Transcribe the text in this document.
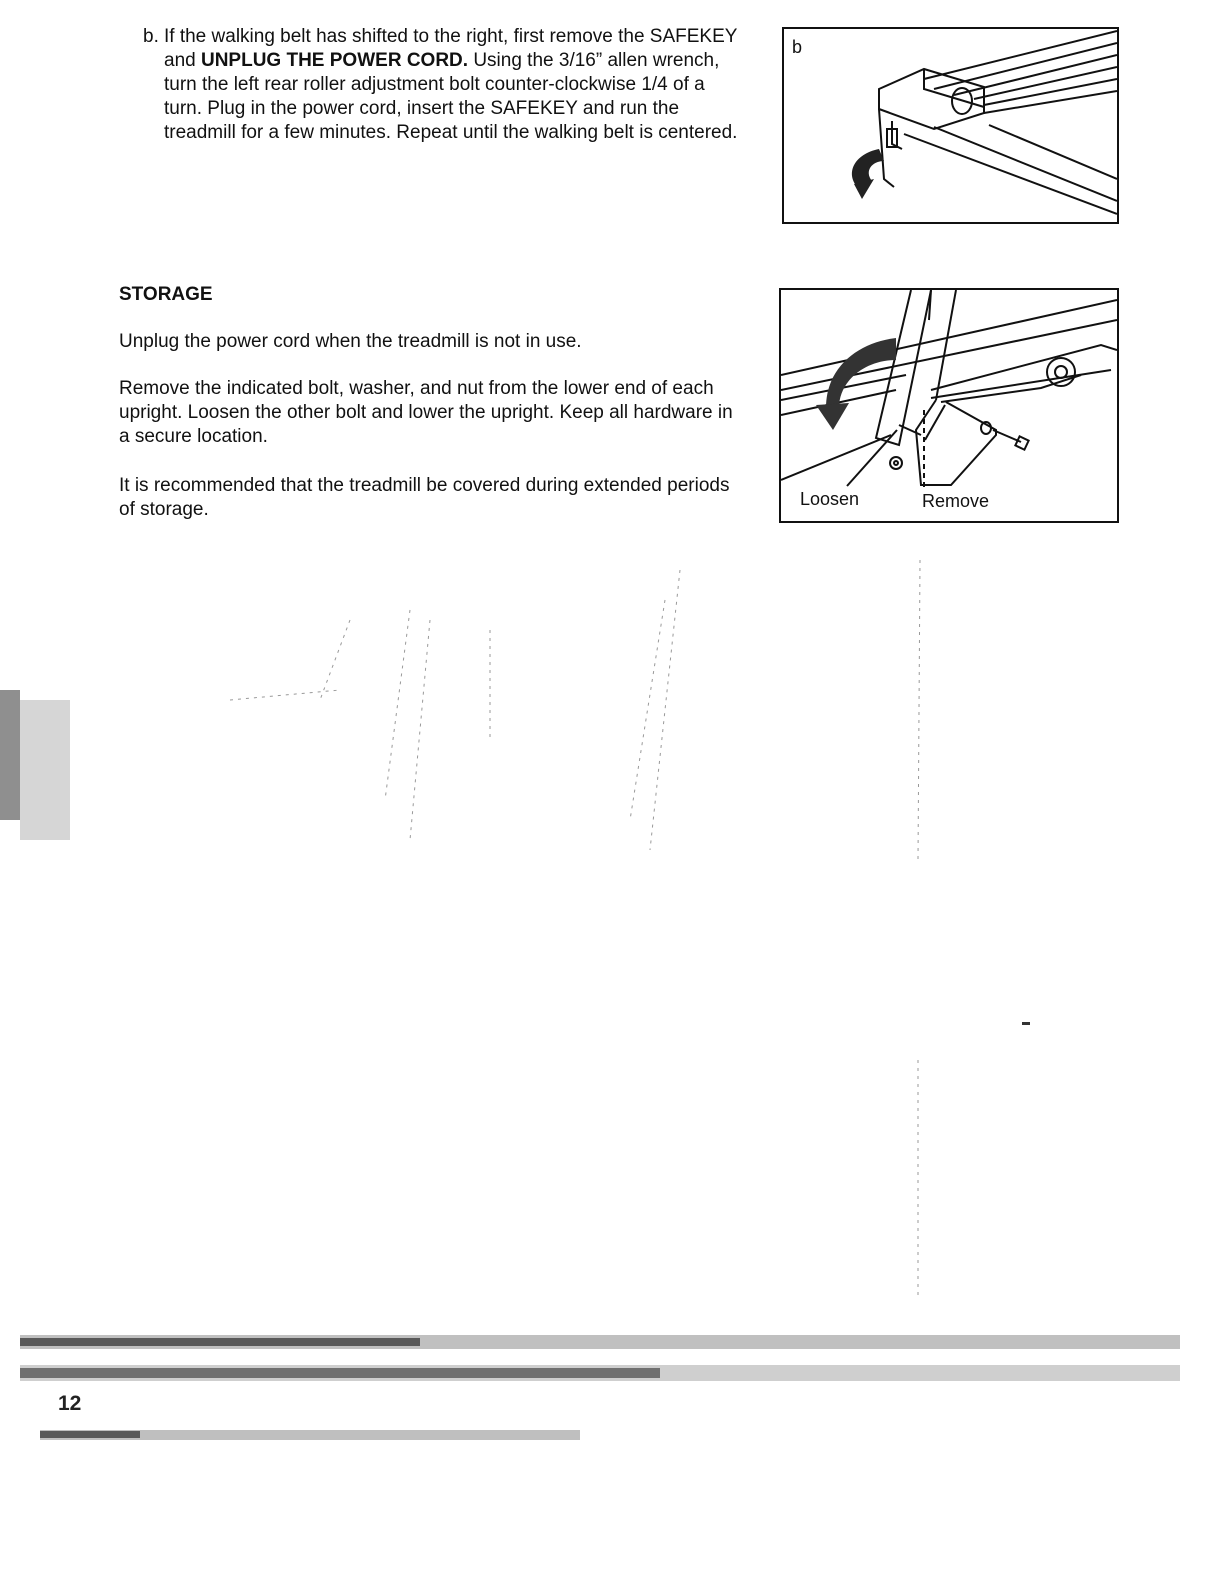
b. If the walking belt has shifted to the right, first remove the SAFEKEY and UNPLUG THE POWER CORD. Using the 3/16” allen wrench, turn the left rear roller adjustment bolt counter-clockwise 1/4 of a turn. Plug in the power cord, insert the SAFEKEY and run the treadmill for a few minutes. Repeat until the walking belt is centered.
b
STORAGE

Unplug the power cord when the treadmill is not in use.

Remove the indicated bolt, washer, and nut from the lower end of each upright. Loosen the other bolt and lower the upright. Keep all hardware in a secure location.

It is recommended that the treadmill be covered during extended periods of storage.	Loosen	Remove
12
